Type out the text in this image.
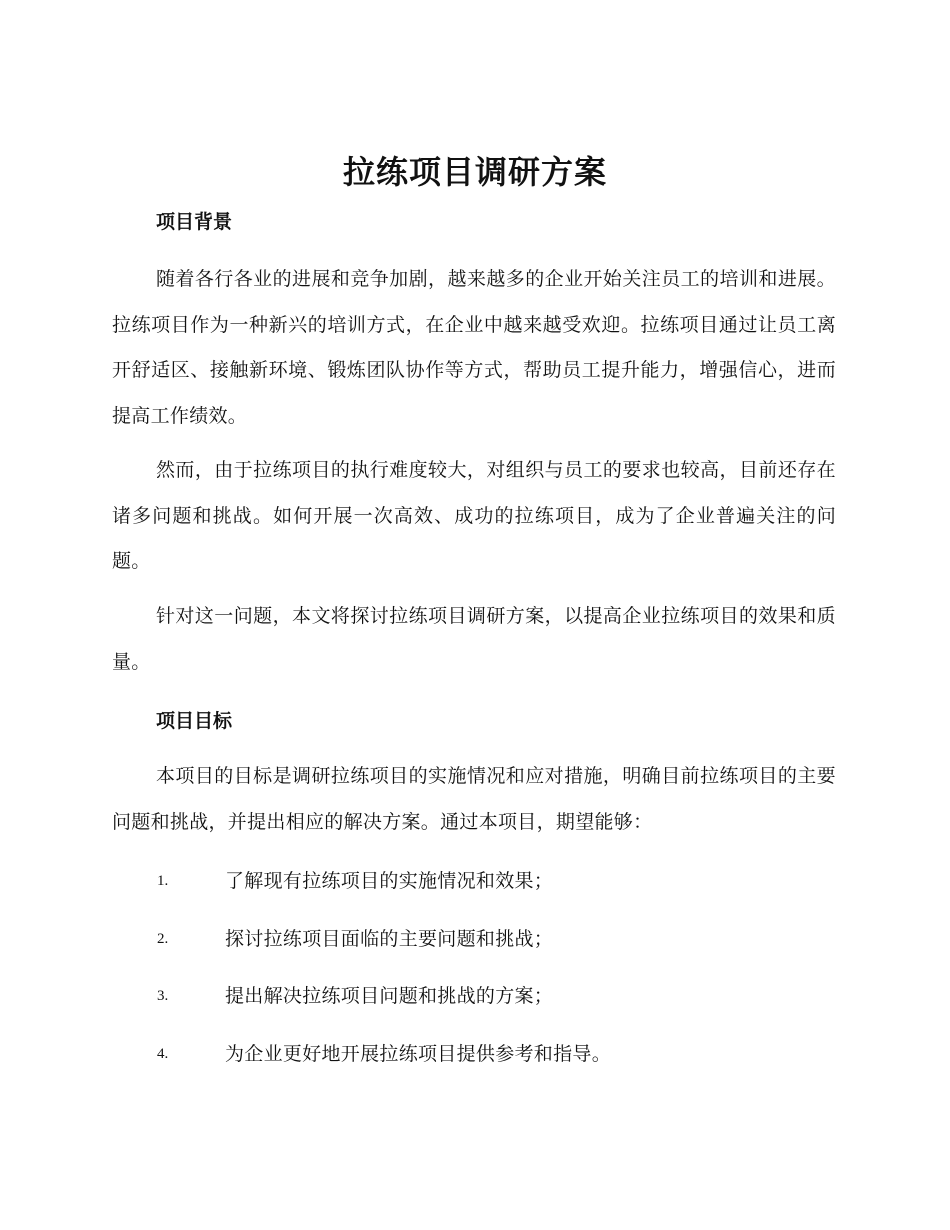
拉练项目调研方案
项目背景

随着各行各业的进展和竞争加剧，越来越多的企业开始关注员工的培训和进展。拉练项目作为一种新兴的培训方式，在企业中越来越受欢迎。拉练项目通过让员工离开舒适区、接触新环境、锻炼团队协作等方式，帮助员工提升能力，增强信心，进而提高工作绩效。

然而，由于拉练项目的执行难度较大，对组织与员工的要求也较高，目前还存在诸多问题和挑战。如何开展一次高效、成功的拉练项目，成为了企业普遍关注的问题。

针对这一问题，本文将探讨拉练项目调研方案，以提高企业拉练项目的效果和质量。

项目目标

本项目的目标是调研拉练项目的实施情况和应对措施，明确目前拉练项目的主要问题和挑战，并提出相应的解决方案。通过本项目，期望能够：

1.	了解现有拉练项目的实施情况和效果；
2.	探讨拉练项目面临的主要问题和挑战；
3.	提出解决拉练项目问题和挑战的方案；
4.	为企业更好地开展拉练项目提供参考和指导。
